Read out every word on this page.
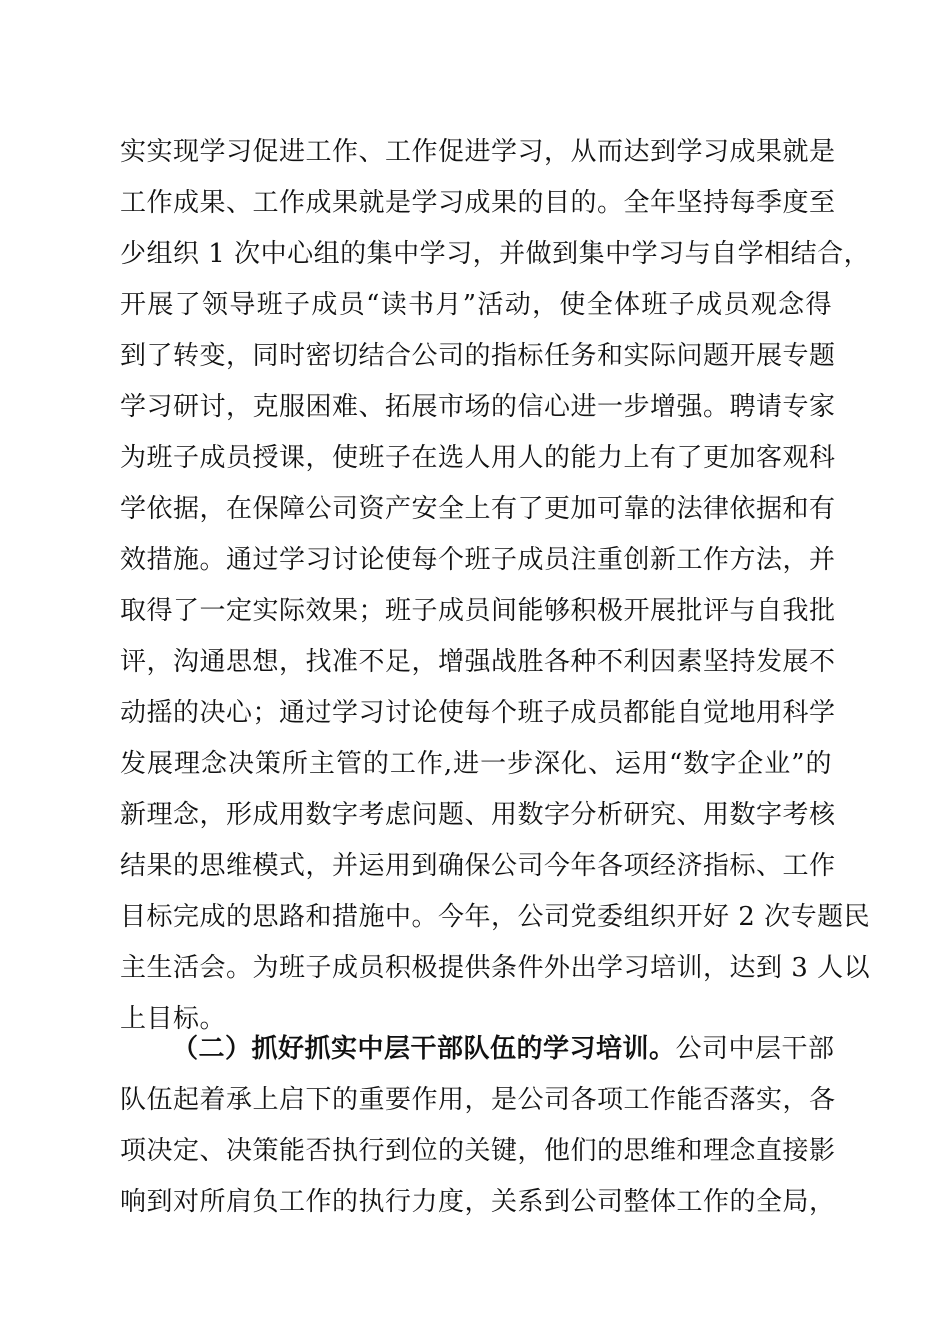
实实现学习促进工作、工作促进学习，从而达到学习成果就是
工作成果、工作成果就是学习成果的目的。全年坚持每季度至
少组织 1 次中心组的集中学习，并做到集中学习与自学相结合，
开展了领导班子成员“读书月”活动，使全体班子成员观念得
到了转变，同时密切结合公司的指标任务和实际问题开展专题
学习研讨，克服困难、拓展市场的信心进一步增强。聘请专家
为班子成员授课，使班子在选人用人的能力上有了更加客观科
学依据，在保障公司资产安全上有了更加可靠的法律依据和有
效措施。通过学习讨论使每个班子成员注重创新工作方法，并
取得了一定实际效果；班子成员间能够积极开展批评与自我批
评，沟通思想，找准不足，增强战胜各种不利因素坚持发展不
动摇的决心；通过学习讨论使每个班子成员都能自觉地用科学
发展理念决策所主管的工作,进一步深化、运用“数字企业”的
新理念，形成用数字考虑问题、用数字分析研究、用数字考核
结果的思维模式，并运用到确保公司今年各项经济指标、工作
目标完成的思路和措施中。今年，公司党委组织开好 2 次专题民
主生活会。为班子成员积极提供条件外出学习培训，达到 3 人以
上目标。
（二）抓好抓实中层干部队伍的学习培训。公司中层干部
队伍起着承上启下的重要作用，是公司各项工作能否落实，各
项决定、决策能否执行到位的关键，他们的思维和理念直接影
响到对所肩负工作的执行力度，关系到公司整体工作的全局，
